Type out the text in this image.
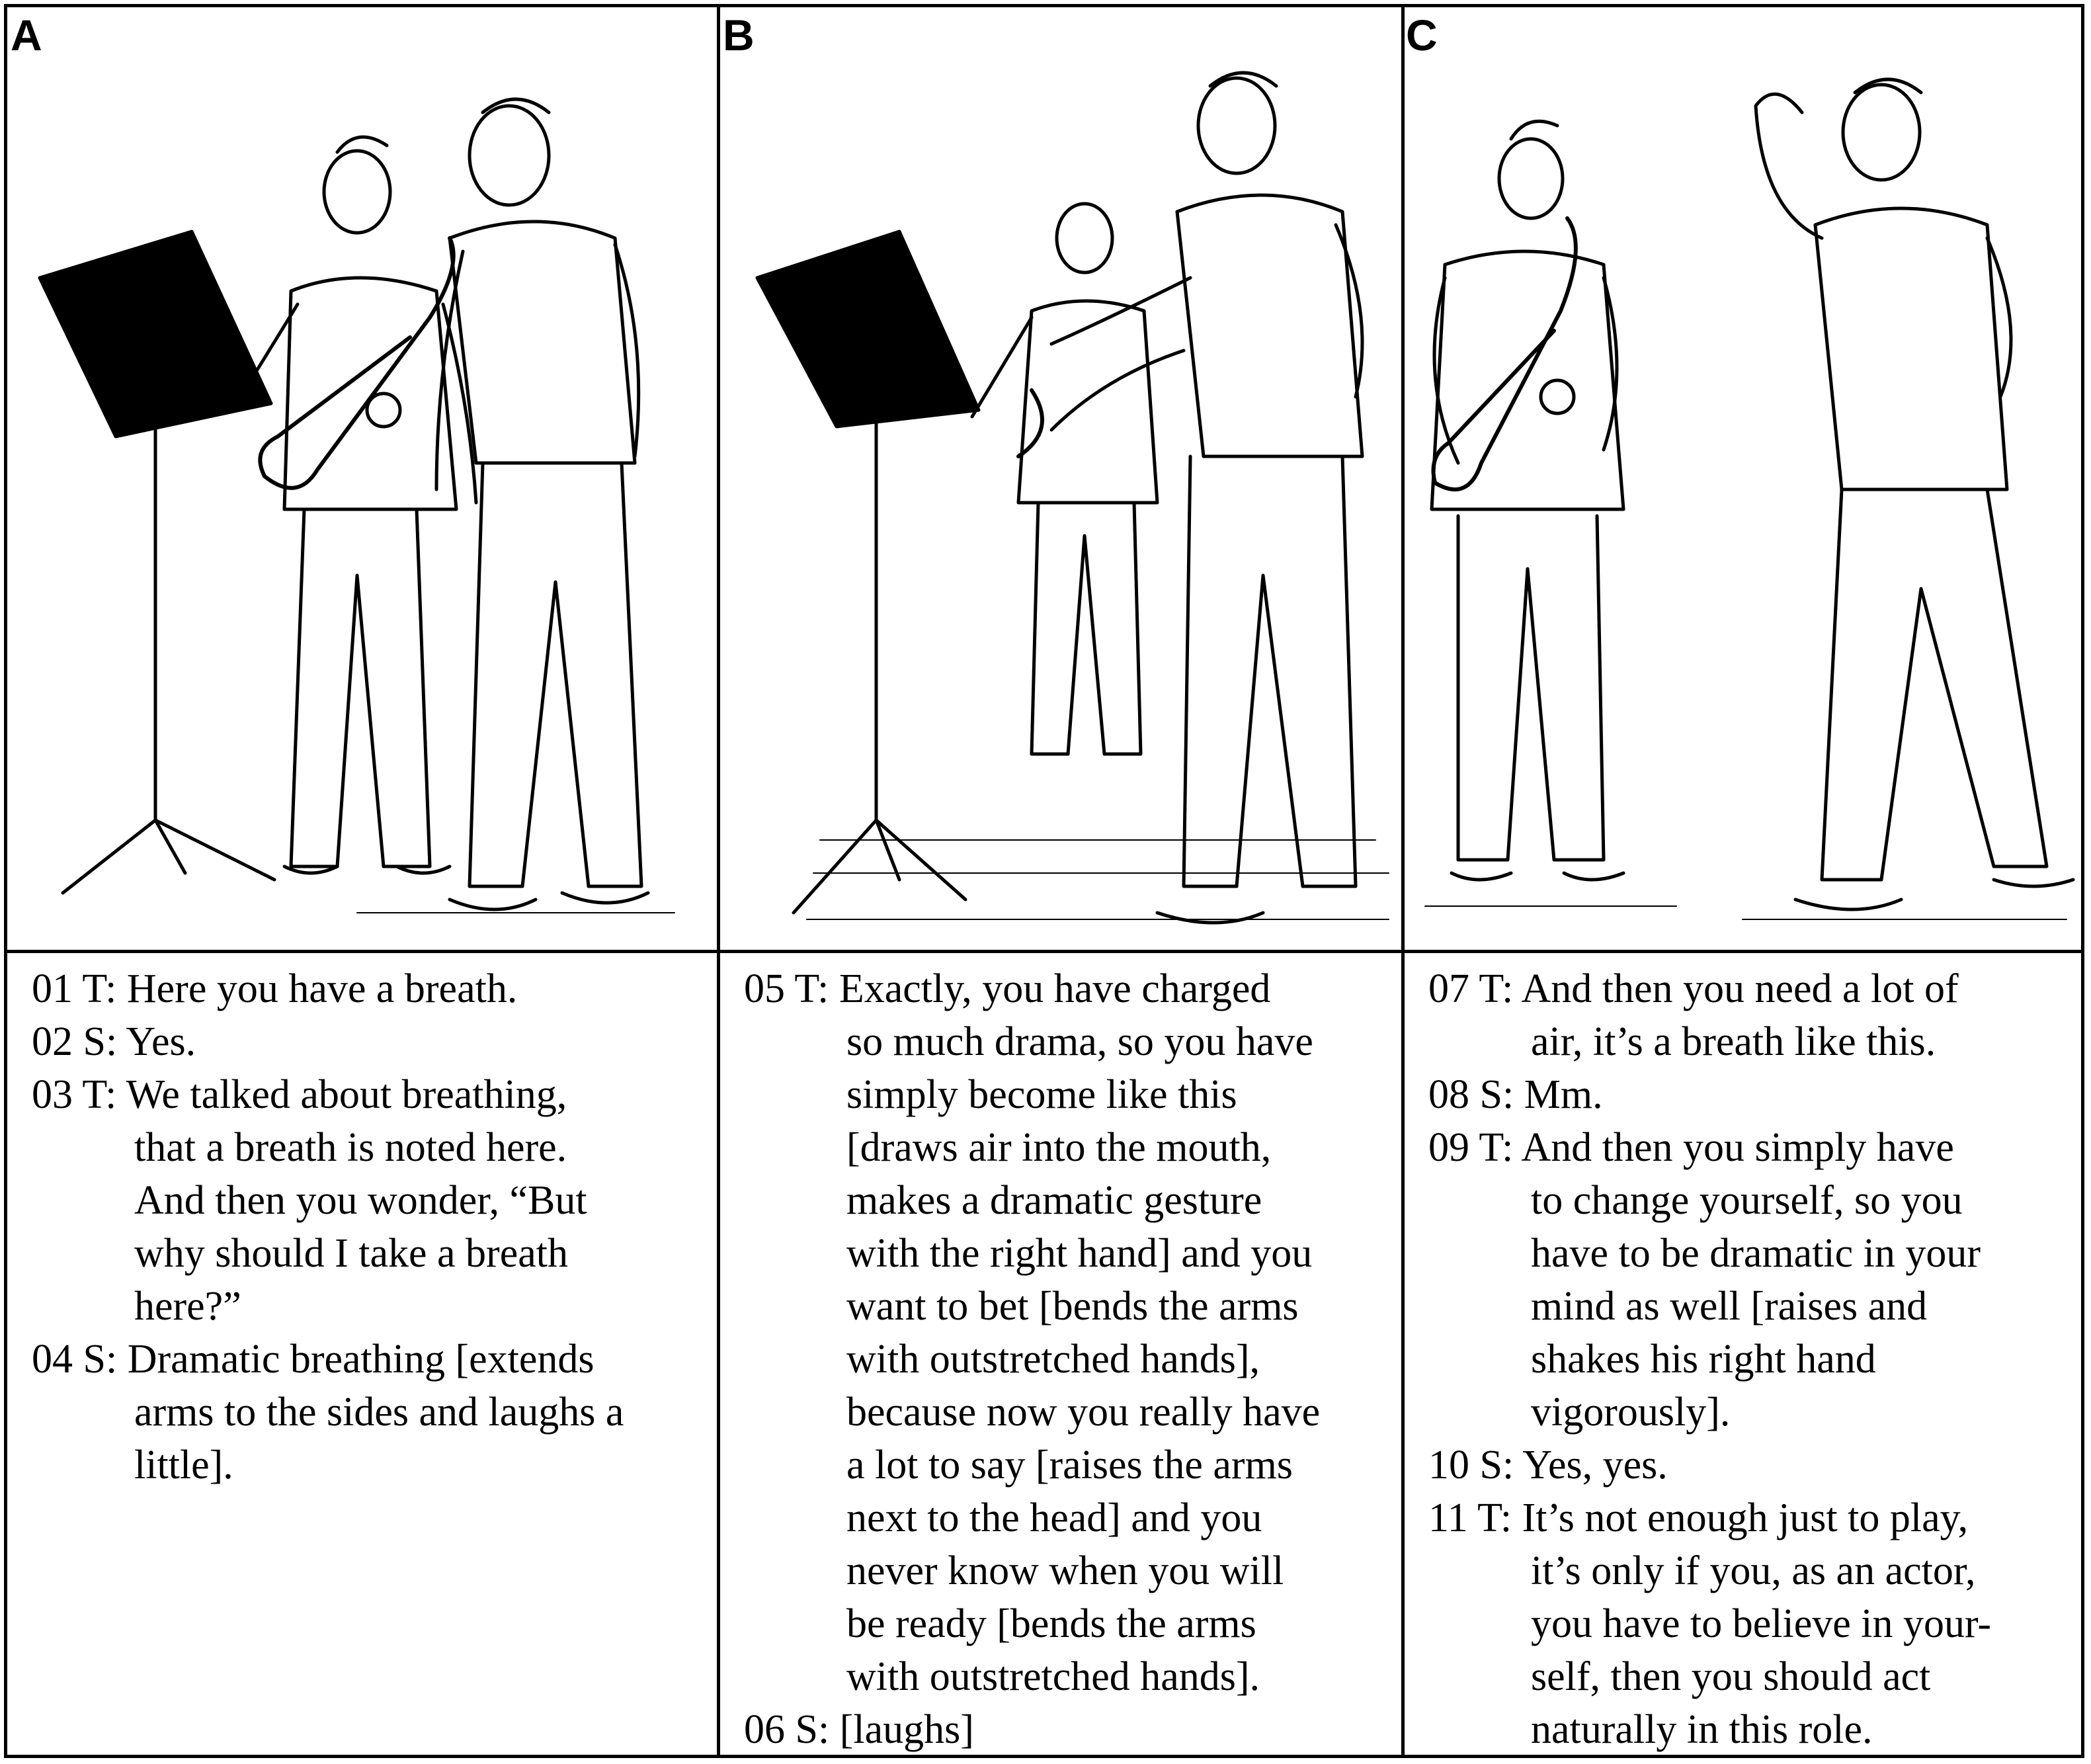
A	B	C
01 T: Here you have a breath.
02 S: Yes.
03 T: We talked about breathing,
that a breath is noted here.
And then you wonder, “But
why should I take a breath
here?”
04 S: Dramatic breathing [extends
arms to the sides and laughs a
little].
05 T: Exactly, you have charged
so much drama, so you have
simply become like this
[draws air into the mouth,
makes a dramatic gesture
with the right hand] and you
want to bet [bends the arms
with outstretched hands],
because now you really have
a lot to say [raises the arms
next to the head] and you
never know when you will
be ready [bends the arms
with outstretched hands].
06 S: [laughs]
07 T: And then you need a lot of
air, it’s a breath like this.
08 S: Mm.
09 T: And then you simply have
to change yourself, so you
have to be dramatic in your
mind as well [raises and
shakes his right hand
vigorously].
10 S: Yes, yes.
11 T: It’s not enough just to play,
it’s only if you, as an actor,
you have to believe in your-
self, then you should act
naturally in this role.
